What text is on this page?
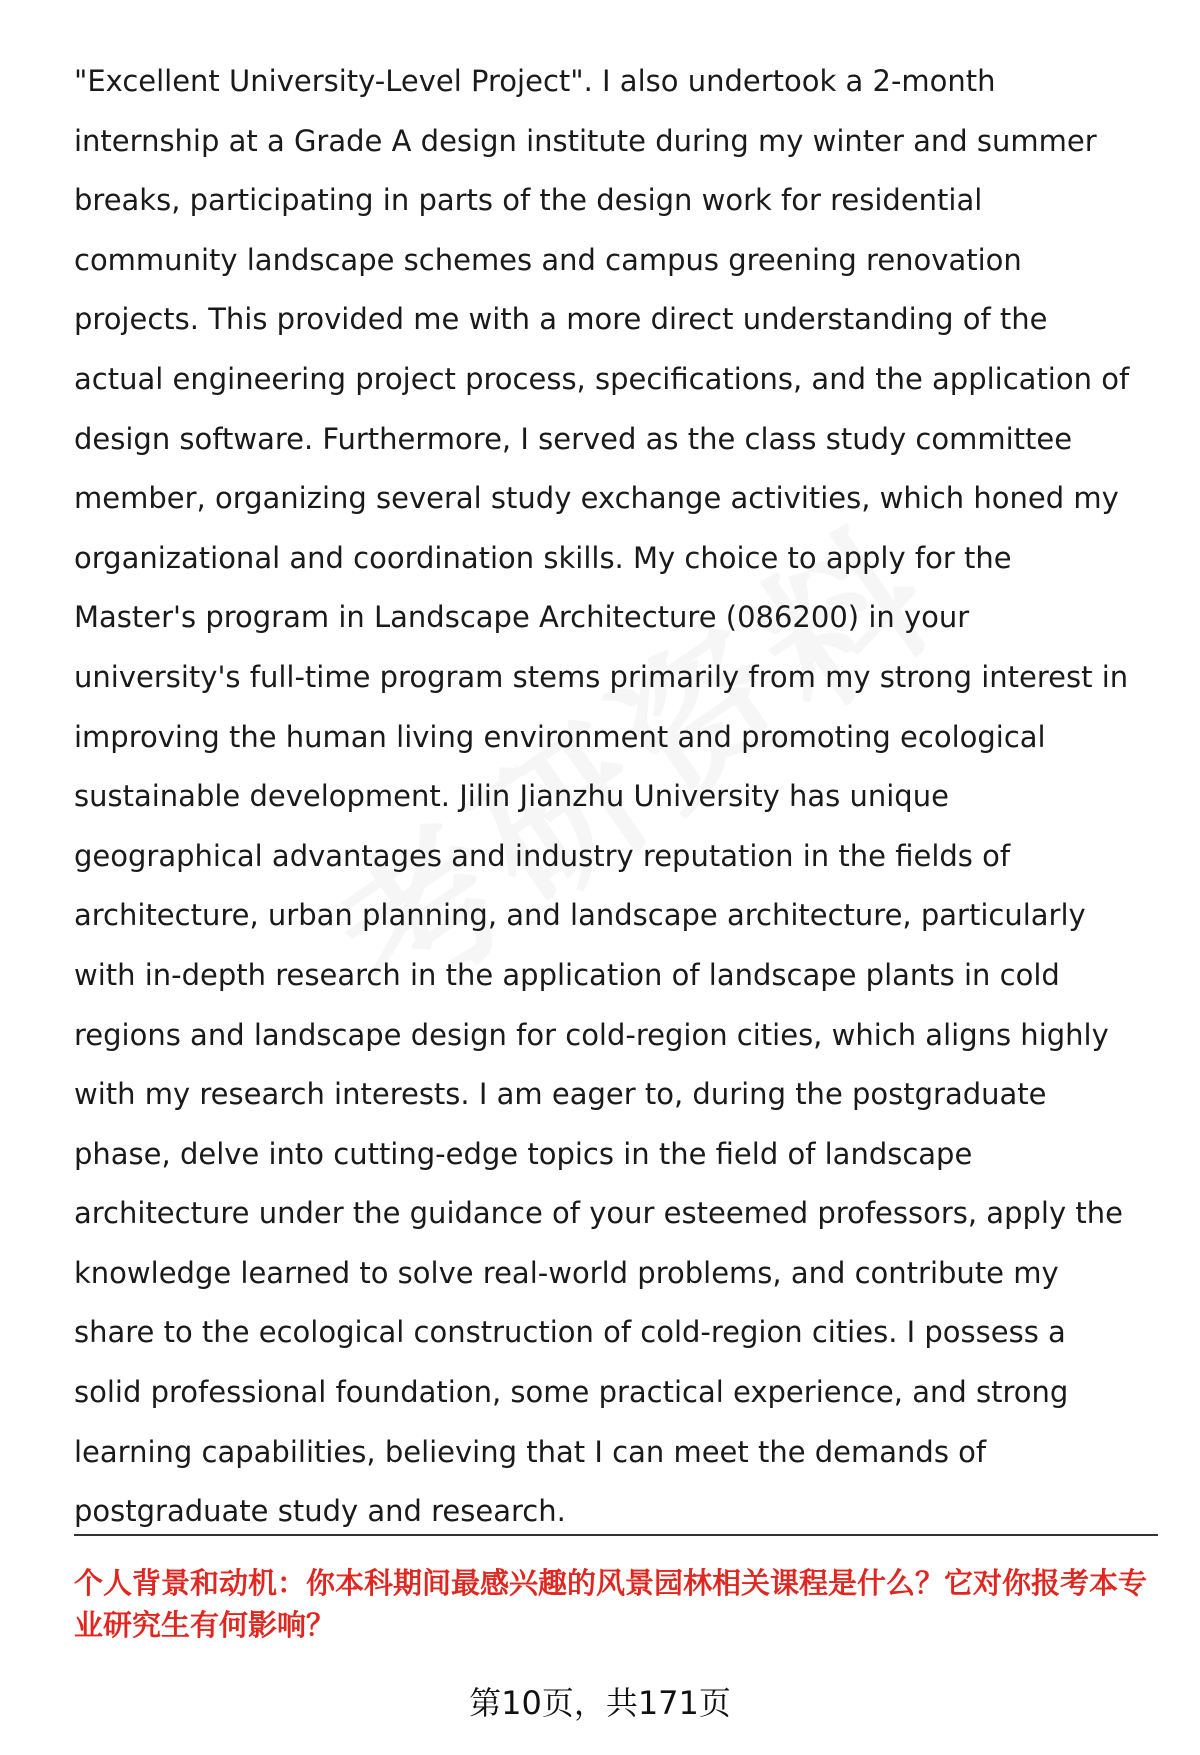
"Excellent University-Level Project". I also undertook a 2-month internship at a Grade A design institute during my winter and summer breaks, participating in parts of the design work for residential community landscape schemes and campus greening renovation projects. This provided me with a more direct understanding of the actual engineering project process, specifications, and the application of design software. Furthermore, I served as the class study committee member, organizing several study exchange activities, which honed my organizational and coordination skills. My choice to apply for the Master's program in Landscape Architecture (086200) in your university's full-time program stems primarily from my strong interest in improving the human living environment and promoting ecological sustainable development. Jilin Jianzhu University has unique geographical advantages and industry reputation in the fields of architecture, urban planning, and landscape architecture, particularly with in-depth research in the application of landscape plants in cold regions and landscape design for cold-region cities, which aligns highly with my research interests. I am eager to, during the postgraduate phase, delve into cutting-edge topics in the field of landscape architecture under the guidance of your esteemed professors, apply the knowledge learned to solve real-world problems, and contribute my share to the ecological construction of cold-region cities. I possess a solid professional foundation, some practical experience, and strong learning capabilities, believing that I can meet the demands of postgraduate study and research.

个人背景和动机：你本科期间最感兴趣的风景园林相关课程是什么？它对你报考本专业研究生有何影响？

第10页，共171页
